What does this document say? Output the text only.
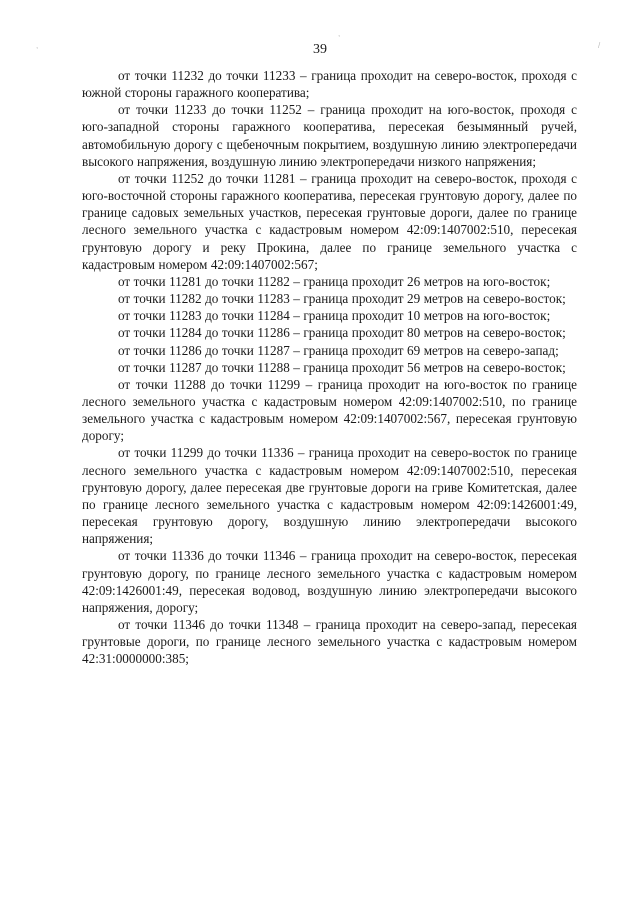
,
,
/
39

от точки 11232 до точки 11233 – граница проходит на северо-восток, проходя с южной стороны гаражного кооператива;

от точки 11233 до точки 11252 – граница проходит на юго-восток, проходя с юго-западной стороны гаражного кооператива, пересекая безымянный ручей, автомобильную дорогу с щебеночным покрытием, воздушную линию электропередачи высокого напряжения, воздушную линию электропередачи низкого напряжения;

от точки 11252 до точки 11281 – граница проходит на северо-восток, проходя с юго-восточной стороны гаражного кооператива, пересекая грунтовую дорогу, далее по границе садовых земельных участков, пересекая грунтовые дороги, далее по границе лесного земельного участка с кадастровым номером 42:09:1407002:510, пересекая грунтовую дорогу и реку Прокина, далее по границе земельного участка с кадастровым номером 42:09:1407002:567;

от точки 11281 до точки 11282 – граница проходит 26 метров на юго-восток;

от точки 11282 до точки 11283 – граница проходит 29 метров на северо-восток;

от точки 11283 до точки 11284 – граница проходит 10 метров на юго-восток;

от точки 11284 до точки 11286 – граница проходит 80 метров на северо-восток;

от точки 11286 до точки 11287 – граница проходит 69 метров на северо-запад;

от точки 11287 до точки 11288 – граница проходит 56 метров на северо-восток;

от точки 11288 до точки 11299 – граница проходит на юго-восток по границе лесного земельного участка с кадастровым номером 42:09:1407002:510, по границе земельного участка с кадастровым номером 42:09:1407002:567, пересекая грунтовую дорогу;

от точки 11299 до точки 11336 – граница проходит на северо-восток по границе лесного земельного участка с кадастровым номером 42:09:1407002:510, пересекая грунтовую дорогу, далее пересекая две грунтовые дороги на гриве Комитетская, далее по границе лесного земельного участка с кадастровым номером 42:09:1426001:49, пересекая грунтовую дорогу, воздушную линию электропередачи высокого напряжения;

от точки 11336 до точки 11346 – граница проходит на северо-восток, пересекая грунтовую дорогу, по границе лесного земельного участка с кадастровым номером 42:09:1426001:49, пересекая водовод, воздушную линию электропередачи высокого напряжения, дорогу;

от точки 11346 до точки 11348 – граница проходит на северо-запад, пересекая грунтовые дороги, по границе лесного земельного участка с кадастровым номером 42:31:0000000:385;
